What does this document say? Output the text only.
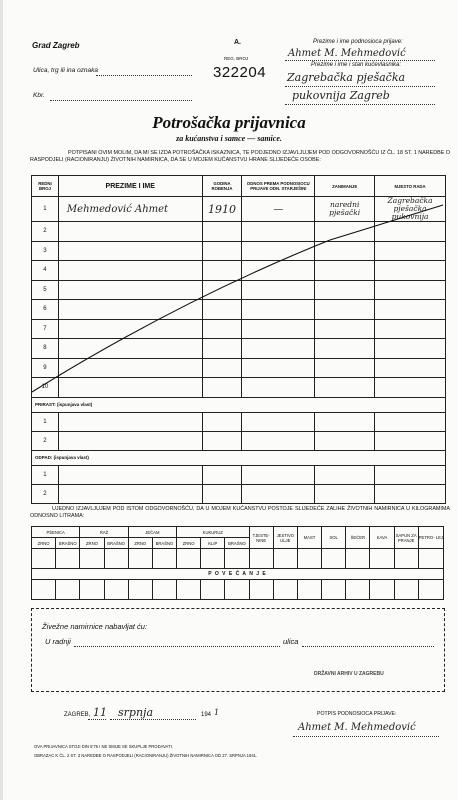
Grad Zagreb
Ulica, trg ili ina oznaka
Kbr.
A.
REG. BROJ
322204
Prezime i ime podnosioca prijave:
Ahmet M. Mehmedović
Prezime i ime i stan kućevlasnika:
Zagrebačka pješačka
pukovnija Zagreb
Potrošačka prijavnica
za kućanstva i samce — samice.
POTPISANI OVIM MOLIM, DA MI SE IZDA POTROŠAČKA ISKAZNICA, TE PODJEDNO IZJAVLJUJEM POD ODGOVORNOŠĆU IZ ČL. 18 ST. 1 NAREDBE O RASPODJELI (RACIONIRANJU) ŽIVOTNIH NAMIRNICA, DA SE U MOJEM KUĆANSTVU HRANE SLIJEDEĆE OSOBE:
REDNI BROJ	PREZIME I IME	GODINA ROĐENJA	ODNOS PREMA PODNOSIOCU PRIJAVE ODN. STARJEŠINI	ZANIMANJE	MJESTO RADA
1	Mehmedović Ahmet	1910	—	naredni pješački	Zagrebačka pješačka pukovnija
2					
3					
4					
5					
6					
7					
8					
9					
10					
PRIRAST: (ispunjava vlast)					
1					
2					
ODPAD: (ispunjava vlast)					
1					
2					
UJEDNO IZJAVLJUJEM POD ISTOM ODGOVORNOŠĆU, DA U MOJEM KUĆANSTVU POSTOJE SLIJEDEĆE ZALIHE ŽIVOTNIH NAMIRNICA U KILOGRAMIMA ODNOSNO LITRAMA:
PŠENICA		RAŽ		JEČAM		KUKURUZ			TJESTE- NINE	JESTIVO ULJE	MAST	SOL	ŠEĆER	KAVA	SAPUN ZA PRANJE	PETRO- LEJ
ZRNO	BRAŠNO	ZRNO	BRAŠNO	ZRNO	BRAŠNO	ZRNO	KLIP	BRAŠNO								

P O V E Ć A N J E																

Živežne namirnice nabavljat ću:
U radnji	ulica
DRŽAVNI ARHIV U ZAGREBU
ZAGREB, 11 srpnja	194 1	POTPIS PODNOSIOCA PRIJAVE:
Ahmet M. Mehmedović
OVA PRIJAVNICA STOJI DIN 5’75 I NE SMIJE SE SKUPLJE PRODAVATI.
OBRAZAC K ČL. 2 ST. 3 NAREDBE O RASPODJELI (RACIONIRANJU) ŽIVOTNIH NAMIRNICA OD 27. SRPNJA 1941.
